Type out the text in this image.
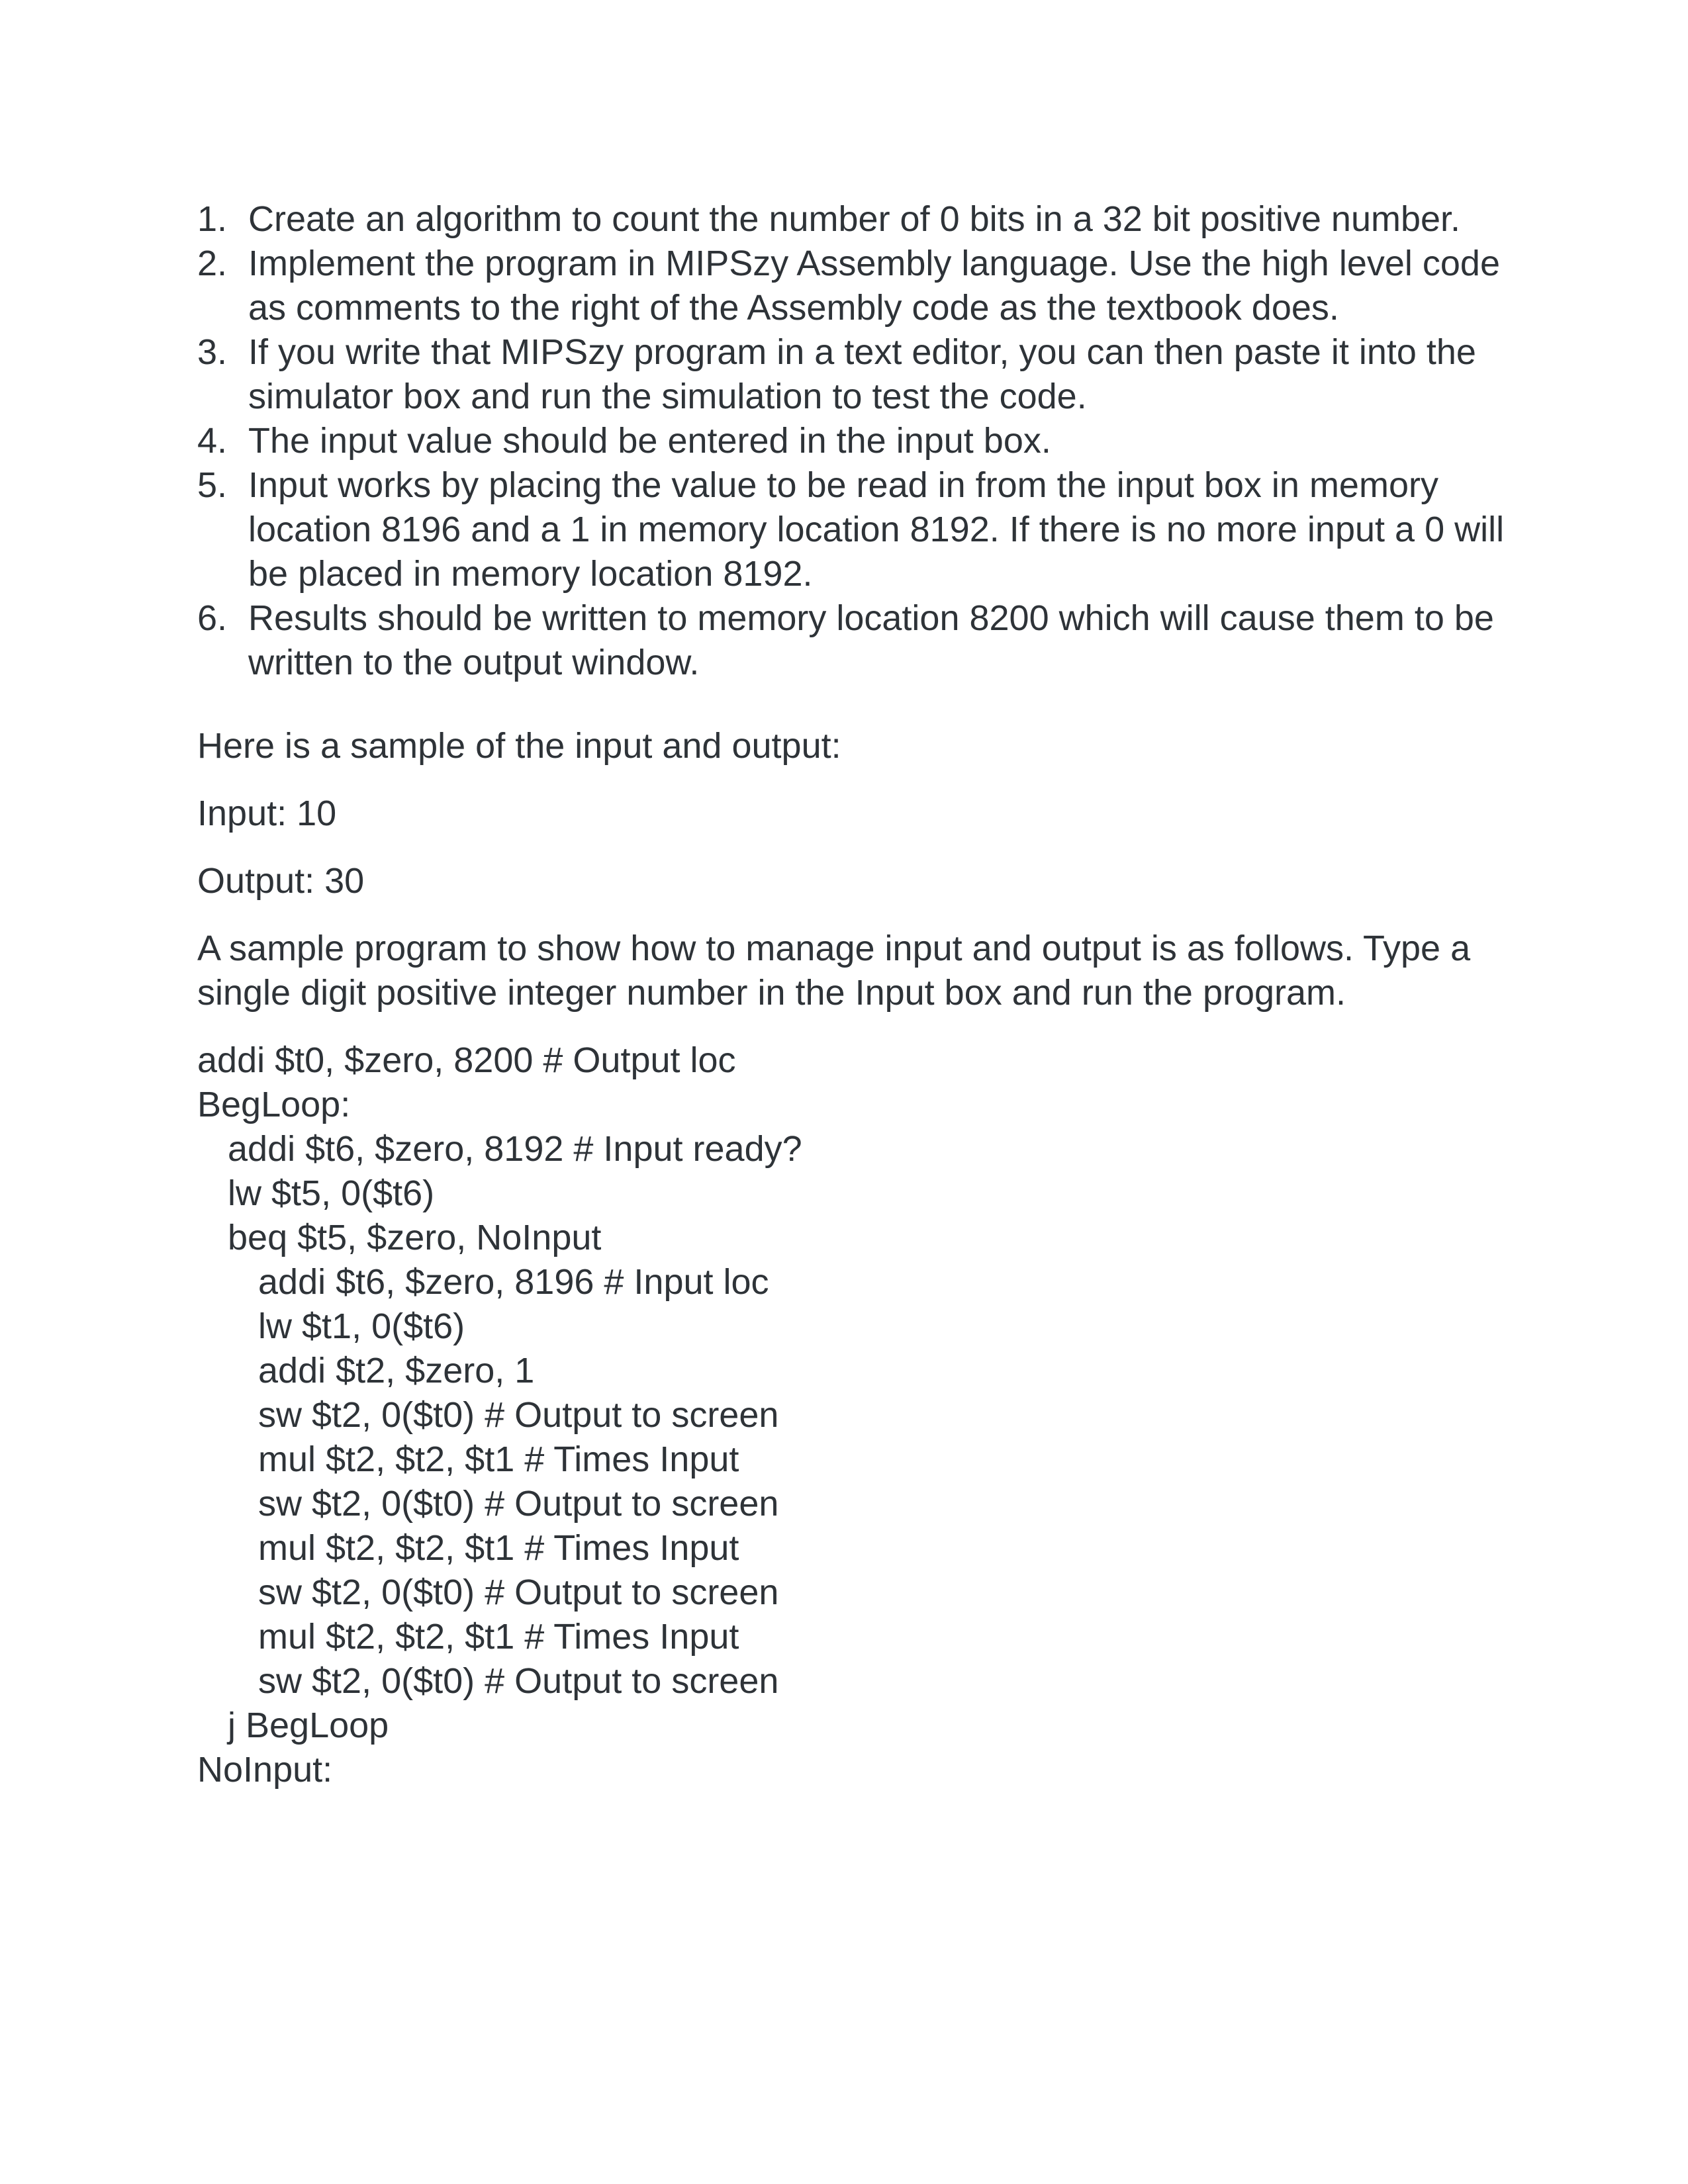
1. Create an algorithm to count the number of 0 bits in a 32 bit positive number.
2. Implement the program in MIPSzy Assembly language. Use the high level code as comments to the right of the Assembly code as the textbook does.
3. If you write that MIPSzy program in a text editor, you can then paste it into the simulator box and run the simulation to test the code.
4. The input value should be entered in the input box.
5. Input works by placing the value to be read in from the input box in memory location 8196 and a 1 in memory location 8192. If there is no more input a 0 will be placed in memory location 8192.
6. Results should be written to memory location 8200 which will cause them to be written to the output window.

Here is a sample of the input and output:

Input: 10

Output: 30

A sample program to show how to manage input and output is as follows. Type a single digit positive integer number in the Input box and run the program.

addi $t0, $zero, 8200 # Output loc
BegLoop:
addi $t6, $zero, 8192 # Input ready?
lw $t5, 0($t6)
beq $t5, $zero, NoInput
addi $t6, $zero, 8196 # Input loc
lw $t1, 0($t6)
addi $t2, $zero, 1
sw $t2, 0($t0) # Output to screen
mul $t2, $t2, $t1 # Times Input
sw $t2, 0($t0) # Output to screen
mul $t2, $t2, $t1 # Times Input
sw $t2, 0($t0) # Output to screen
mul $t2, $t2, $t1 # Times Input
sw $t2, 0($t0) # Output to screen
j BegLoop
NoInput:
